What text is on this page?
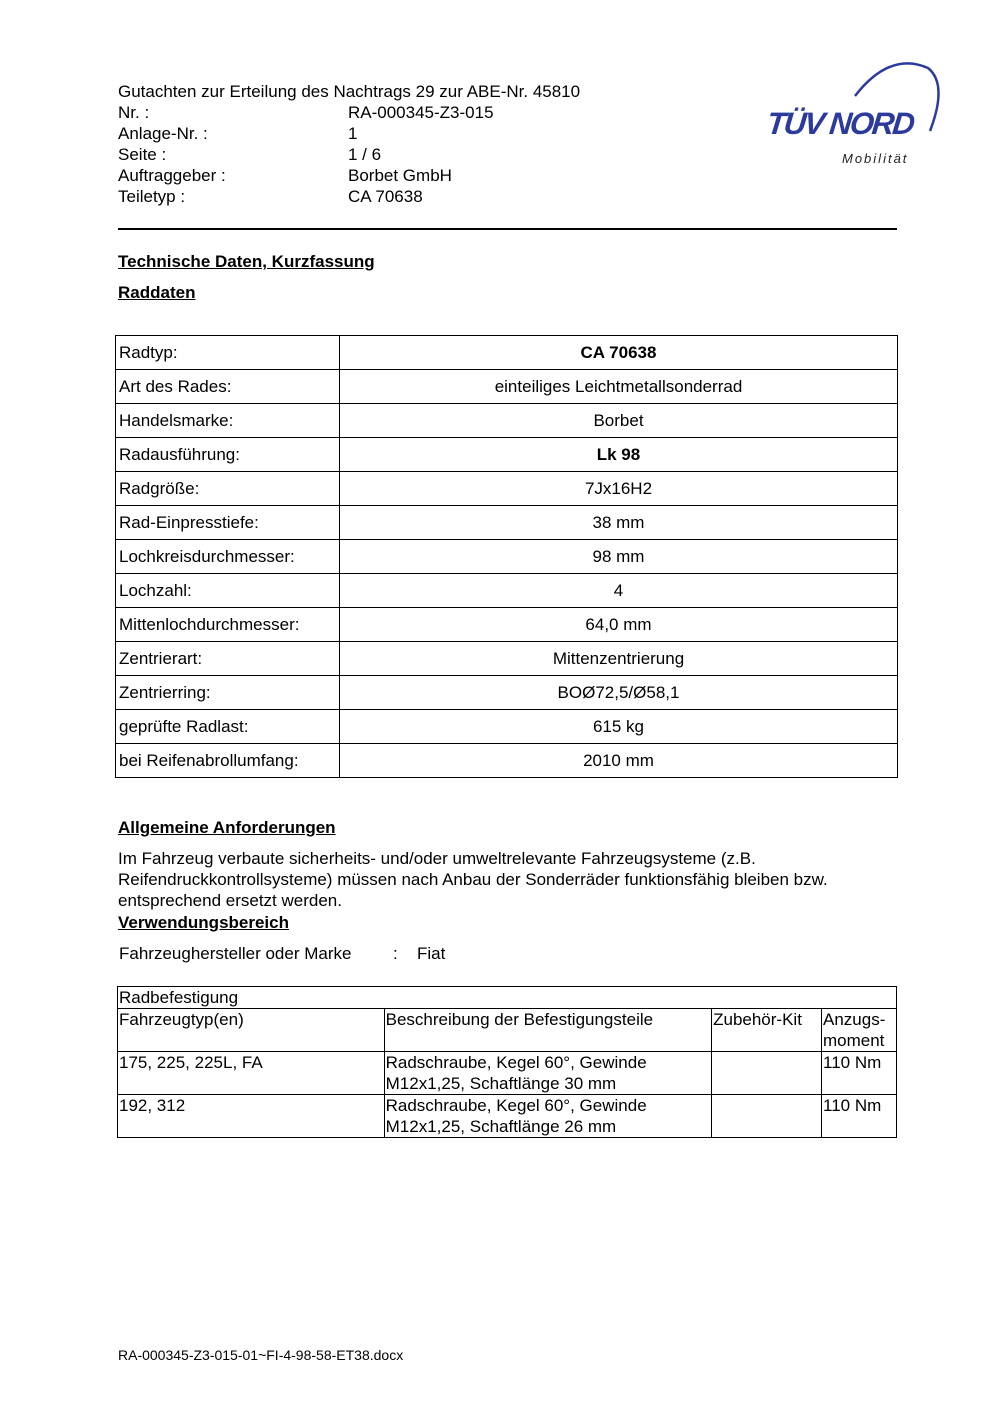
Gutachten zur Erteilung des Nachtrags 29 zur ABE-Nr. 45810
Nr. :	RA-000345-Z3-015
Anlage-Nr. :	1
Seite :	1 / 6
Auftraggeber :	Borbet GmbH
Teiletyp :	CA 70638
TÜV NORD
Mobilität
Technische Daten, Kurzfassung
Raddaten
Radtyp:	CA 70638
Art des Rades:	einteiliges Leichtmetallsonderrad
Handelsmarke:	Borbet
Radausführung:	Lk 98
Radgröße:	7Jx16H2
Rad-Einpresstiefe:	38 mm
Lochkreisdurchmesser:	98 mm
Lochzahl:	4
Mittenlochdurchmesser:	64,0 mm
Zentrierart:	Mittenzentrierung
Zentrierring:	BOØ72,5/Ø58,1
geprüfte Radlast:	615 kg
bei Reifenabrollumfang:	2010 mm
Allgemeine Anforderungen
Im Fahrzeug verbaute sicherheits- und/oder umweltrelevante Fahrzeugsysteme (z.B. Reifendruckkontrollsysteme) müssen nach Anbau der Sonderräder funktionsfähig bleiben bzw. entsprechend ersetzt werden.
Verwendungsbereich
Fahrzeughersteller oder Marke : Fiat
Radbefestigung			
Fahrzeugtyp(en)	Beschreibung der Befestigungsteile	Zubehör-Kit	Anzugs-
moment
175, 225, 225L, FA	Radschraube, Kegel 60°, Gewinde
M12x1,25, Schaftlänge 30 mm		110 Nm
192, 312	Radschraube, Kegel 60°, Gewinde
M12x1,25, Schaftlänge 26 mm		110 Nm
RA-000345-Z3-015-01~FI-4-98-58-ET38.docx
